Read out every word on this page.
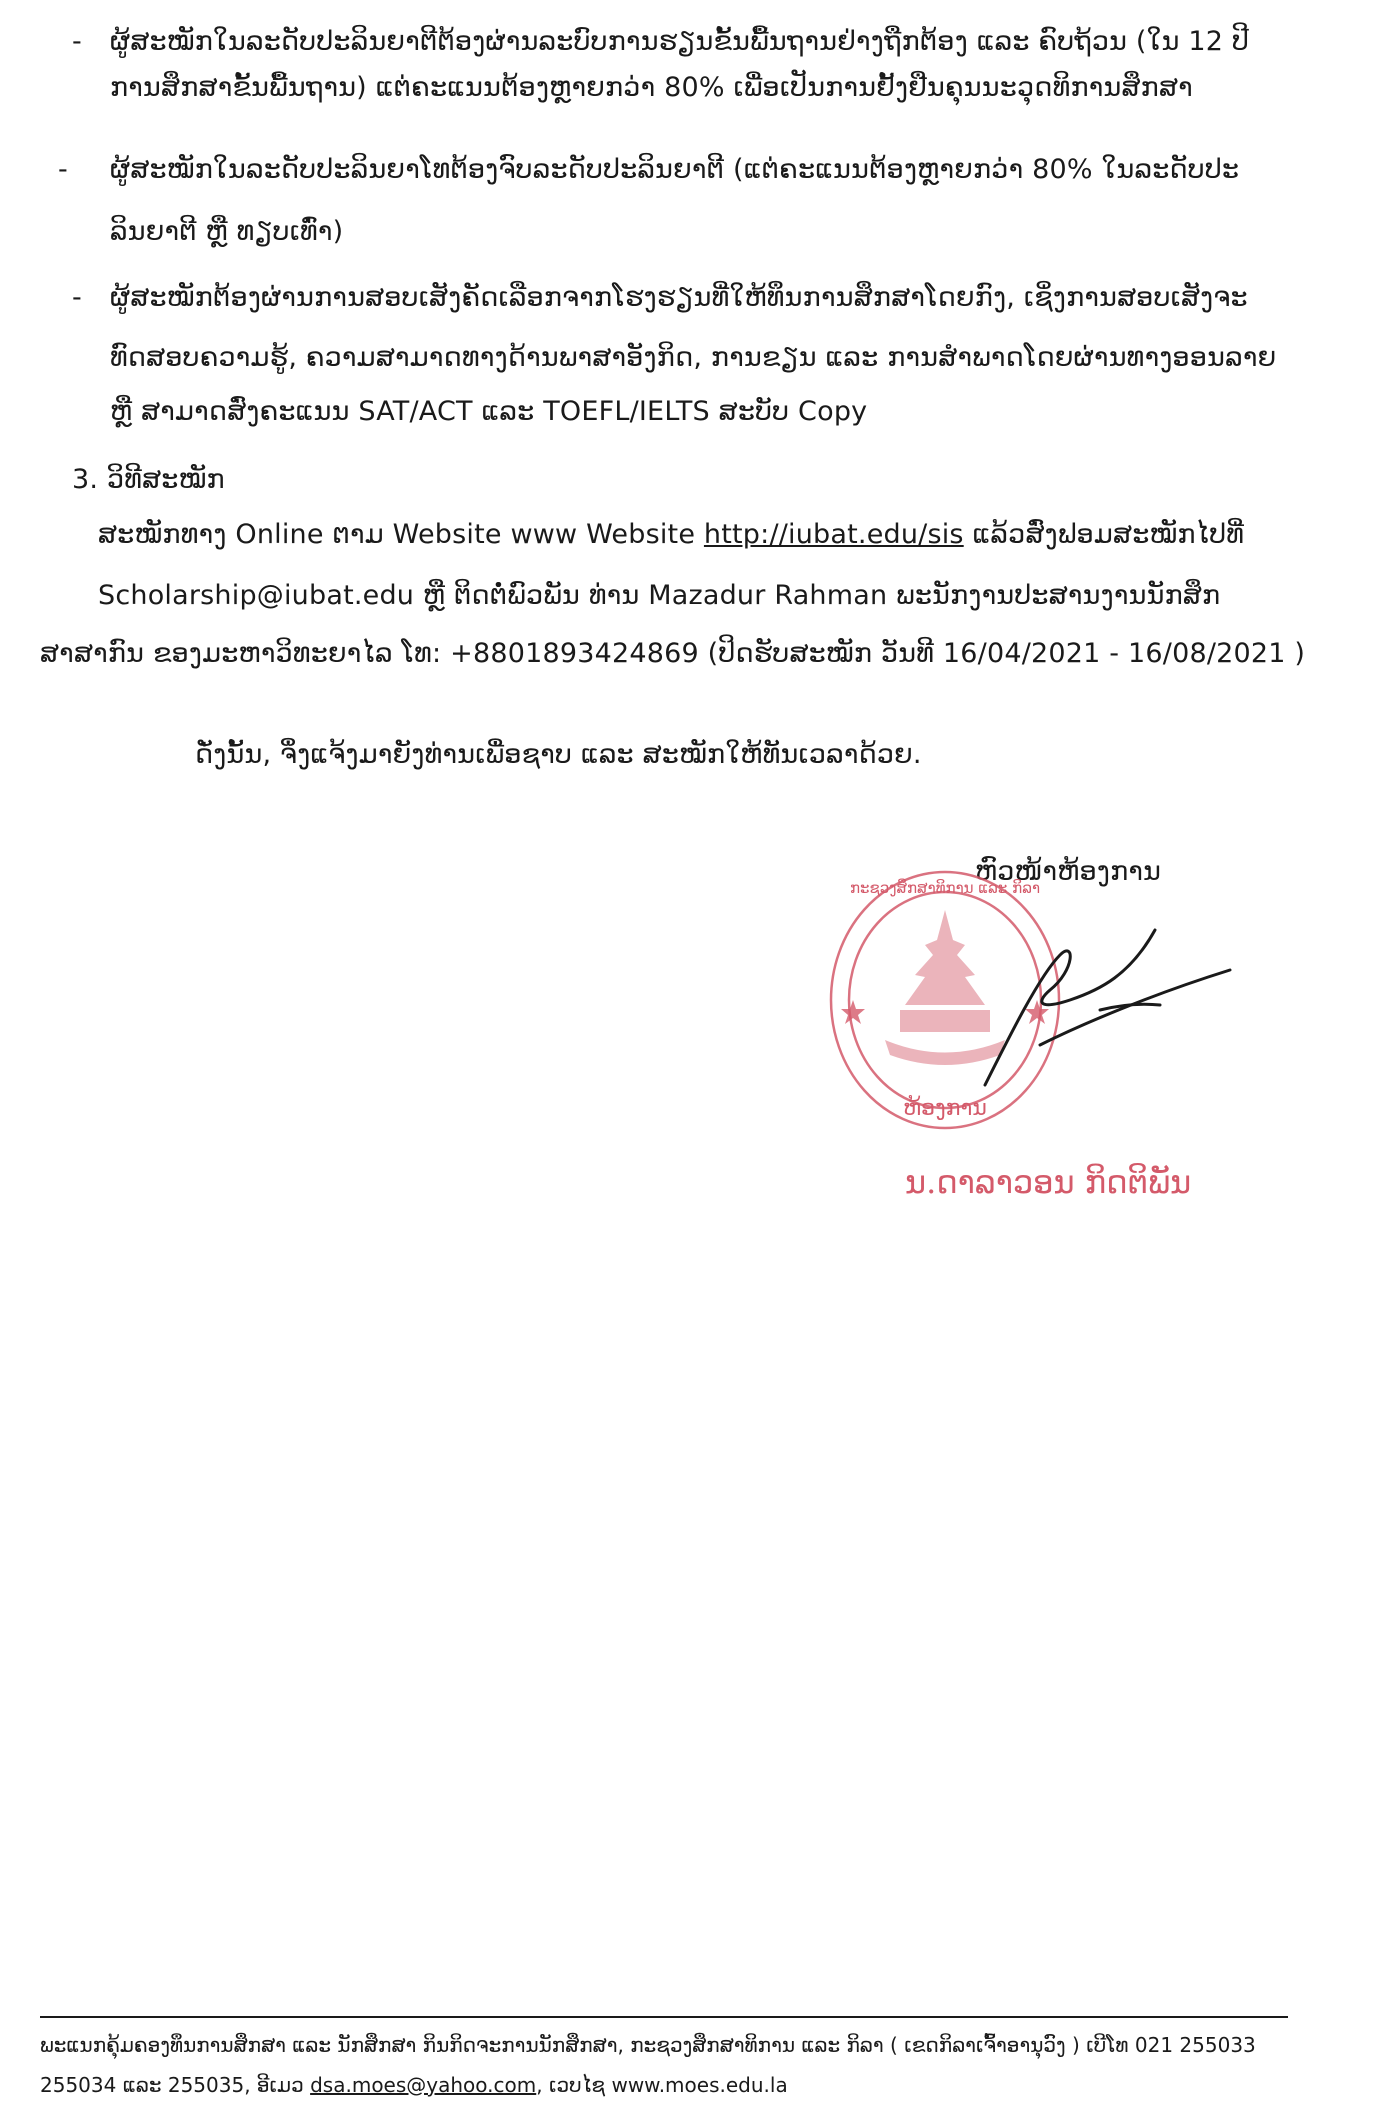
- ຜູ້ສະໝັກໃນລະດັບປະລິນຍາຕີຕ້ອງຜ່ານລະບົບການຮຽນຂັ້ນພື້ນຖານຢ່າງຖືກຕ້ອງ ແລະ ຄົບຖ້ວນ (ໃນ 12 ປີ
ການສຶກສາຂັ້ນພື້ນຖານ) ແຕ່ຄະແນນຕ້ອງຫຼາຍກວ່າ 80% ເພື່ອເປັນການຢັ້ງຢືນຄຸນນະວຸດທິການສຶກສາ
- ຜູ້ສະໝັກໃນລະດັບປະລິນຍາໂທຕ້ອງຈົບລະດັບປະລິນຍາຕີ (ແຕ່ຄະແນນຕ້ອງຫຼາຍກວ່າ 80% ໃນລະດັບປະ
ລິນຍາຕີ ຫຼື ທຽບເທົ່າ)
- ຜູ້ສະໝັກຕ້ອງຜ່ານການສອບເສັງຄັດເລືອກຈາກໂຮງຮຽນທີ່ໃຫ້ທຶນການສຶກສາໂດຍກົງ, ເຊິ່ງການສອບເສັງຈະ
ທົດສອບຄວາມຮູ້, ຄວາມສາມາດທາງດ້ານພາສາອັງກິດ, ການຂຽນ ແລະ ການສໍາພາດໂດຍຜ່ານທາງອອນລາຍ
ຫຼື ສາມາດສົ່ງຄະແນນ SAT/ACT ແລະ TOEFL/IELTS ສະບັບ Copy
3. ວິທີສະໝັກ
ສະໝັກທາງ Online ຕາມ Website www Website http://iubat.edu/sis ແລ້ວສົ່ງຟອມສະໝັກໄປທີ່
Scholarship@iubat.edu ຫຼື ຕິດຕໍ່ພົວພັນ ທ່ານ Mazadur Rahman ພະນັກງານປະສານງານນັກສຶກ
ສາສາກົນ ຂອງມະຫາວິທະຍາໄລ ໂທ: +8801893424869 (ປິດຮັບສະໝັກ ວັນທີ 16/04/2021 - 16/08/2021 )
ດັ່ງນັ້ນ, ຈຶ່ງແຈ້ງມາຍັງທ່ານເພື່ອຊາບ ແລະ ສະໝັກໃຫ້ທັນເວລາດ້ວຍ.
ຫົວໜ້າຫ້ອງການ
ກະຊວງສຶກສາທິການ ແລະ ກິລາ
ຫ້ອງການ
ນ.ດາລາວອນ ກິດຕິພັນ
ພະແນກຄຸ້ມຄອງທຶນການສຶກສາ ແລະ ນັກສຶກສາ ກິນກິດຈະການນັກສຶກສາ, ກະຊວງສຶກສາທິການ ແລະ ກິລາ ( ເຂດກິລາເຈົ້າອານຸວົງ ) ເບີໂທ 021 255033
255034 ແລະ 255035, ອີເມວ dsa.moes@yahoo.com, ເວບໄຊ www.moes.edu.la
